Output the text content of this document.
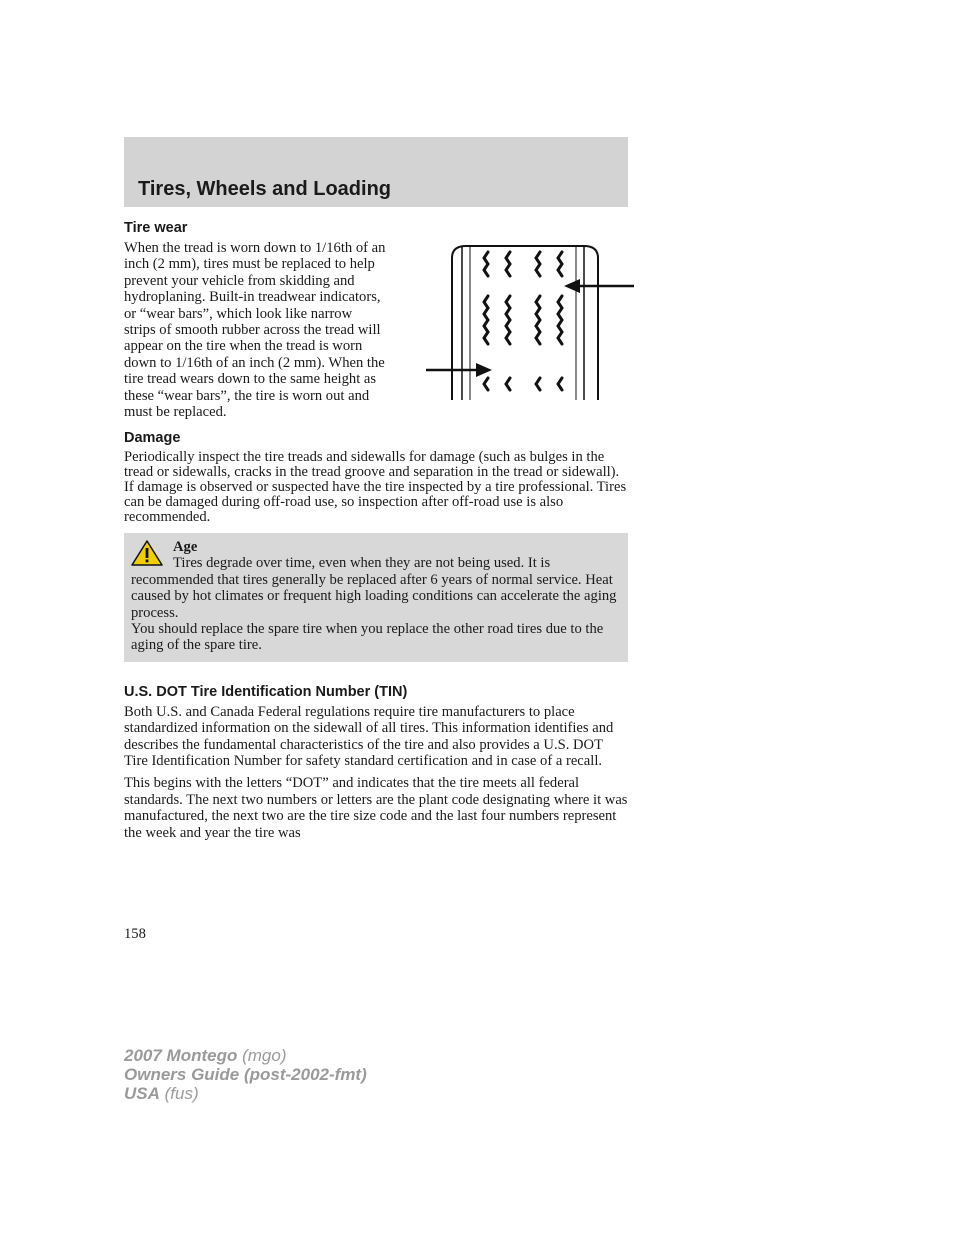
Tires, Wheels and Loading
Tire wear

When the tread is worn down to 1/16th of an inch (2 mm), tires must be replaced to help prevent your vehicle from skidding and hydroplaning. Built-in treadwear indicators, or “wear bars”, which look like narrow strips of smooth rubber across the tread will appear on the tire when the tread is worn down to 1/16th of an inch (2 mm). When the tire tread wears down to the same height as these “wear bars”, the tire is worn out and must be replaced.

Damage

Periodically inspect the tire treads and sidewalls for damage (such as bulges in the tread or sidewalls, cracks in the tread groove and separation in the tread or sidewall). If damage is observed or suspected have the tire inspected by a tire professional. Tires can be damaged during off-road use, so inspection after off-road use is also recommended.

Age

Tires degrade over time, even when they are not being used. It is recommended that tires generally be replaced after 6 years of normal service. Heat caused by hot climates or frequent high loading conditions can accelerate the aging process.

You should replace the spare tire when you replace the other road tires due to the aging of the spare tire.

U.S. DOT Tire Identification Number (TIN)

Both U.S. and Canada Federal regulations require tire manufacturers to place standardized information on the sidewall of all tires. This information identifies and describes the fundamental characteristics of the tire and also provides a U.S. DOT Tire Identification Number for safety standard certification and in case of a recall.

This begins with the letters “DOT” and indicates that the tire meets all federal standards. The next two numbers or letters are the plant code designating where it was manufactured, the next two are the tire size code and the last four numbers represent the week and year the tire was

158
2007 Montego (mgo)
Owners Guide (post-2002-fmt)
USA (fus)
